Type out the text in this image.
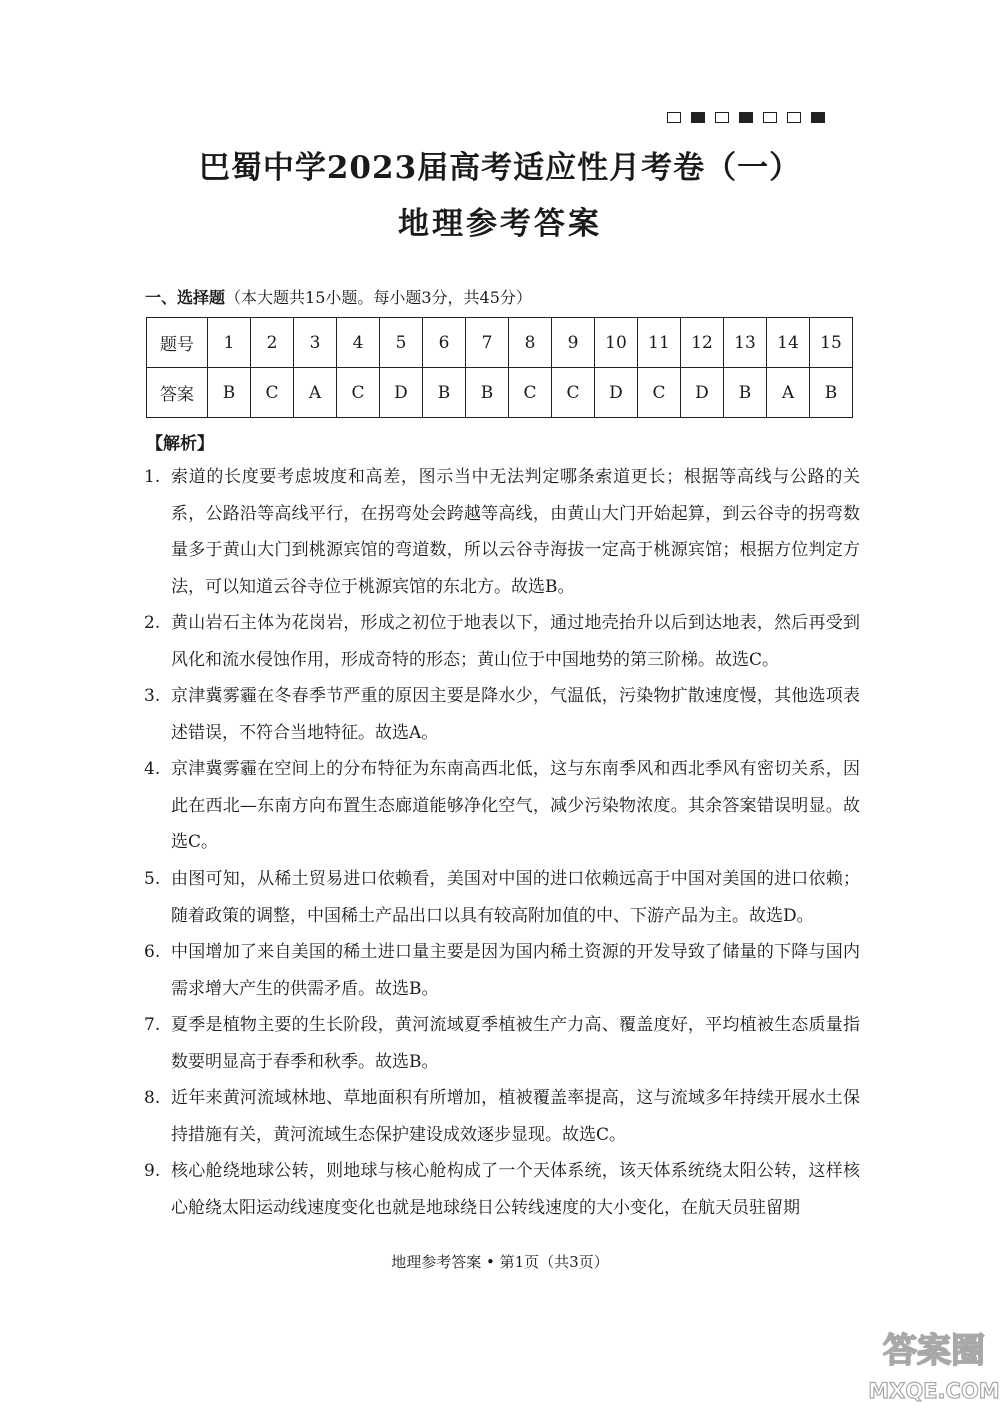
巴蜀中学2023届高考适应性月考卷（一）
地理参考答案
一、选择题（本大题共15小题。每小题3分，共45分）
题号	1	2	3	4	5	6	7	8	9	10	11	12	13	14	15
答案	B	C	A	C	D	B	B	C	C	D	C	D	B	A	B
【解析】
1. 索道的长度要考虑坡度和高差，图示当中无法判定哪条索道更长；根据等高线与公路的关系，公路沿等高线平行，在拐弯处会跨越等高线，由黄山大门开始起算，到云谷寺的拐弯数量多于黄山大门到桃源宾馆的弯道数，所以云谷寺海拔一定高于桃源宾馆；根据方位判定方法，可以知道云谷寺位于桃源宾馆的东北方。故选B。
2. 黄山岩石主体为花岗岩，形成之初位于地表以下，通过地壳抬升以后到达地表，然后再受到风化和流水侵蚀作用，形成奇特的形态；黄山位于中国地势的第三阶梯。故选C。
3. 京津冀雾霾在冬春季节严重的原因主要是降水少，气温低，污染物扩散速度慢，其他选项表述错误，不符合当地特征。故选A。
4. 京津冀雾霾在空间上的分布特征为东南高西北低，这与东南季风和西北季风有密切关系，因此在西北—东南方向布置生态廊道能够净化空气，减少污染物浓度。其余答案错误明显。故选C。
5. 由图可知，从稀土贸易进口依赖看，美国对中国的进口依赖远高于中国对美国的进口依赖；随着政策的调整，中国稀土产品出口以具有较高附加值的中、下游产品为主。故选D。
6. 中国增加了来自美国的稀土进口量主要是因为国内稀土资源的开发导致了储量的下降与国内需求增大产生的供需矛盾。故选B。
7. 夏季是植物主要的生长阶段，黄河流域夏季植被生产力高、覆盖度好，平均植被生态质量指数要明显高于春季和秋季。故选B。
8. 近年来黄河流域林地、草地面积有所增加，植被覆盖率提高，这与流域多年持续开展水土保持措施有关，黄河流域生态保护建设成效逐步显现。故选C。
9. 核心舱绕地球公转，则地球与核心舱构成了一个天体系统，该天体系统绕太阳公转，这样核心舱绕太阳运动线速度变化也就是地球绕日公转线速度的大小变化，在航天员驻留期
地理参考答案 • 第1页（共3页）
答案圈
MXQE.COM
